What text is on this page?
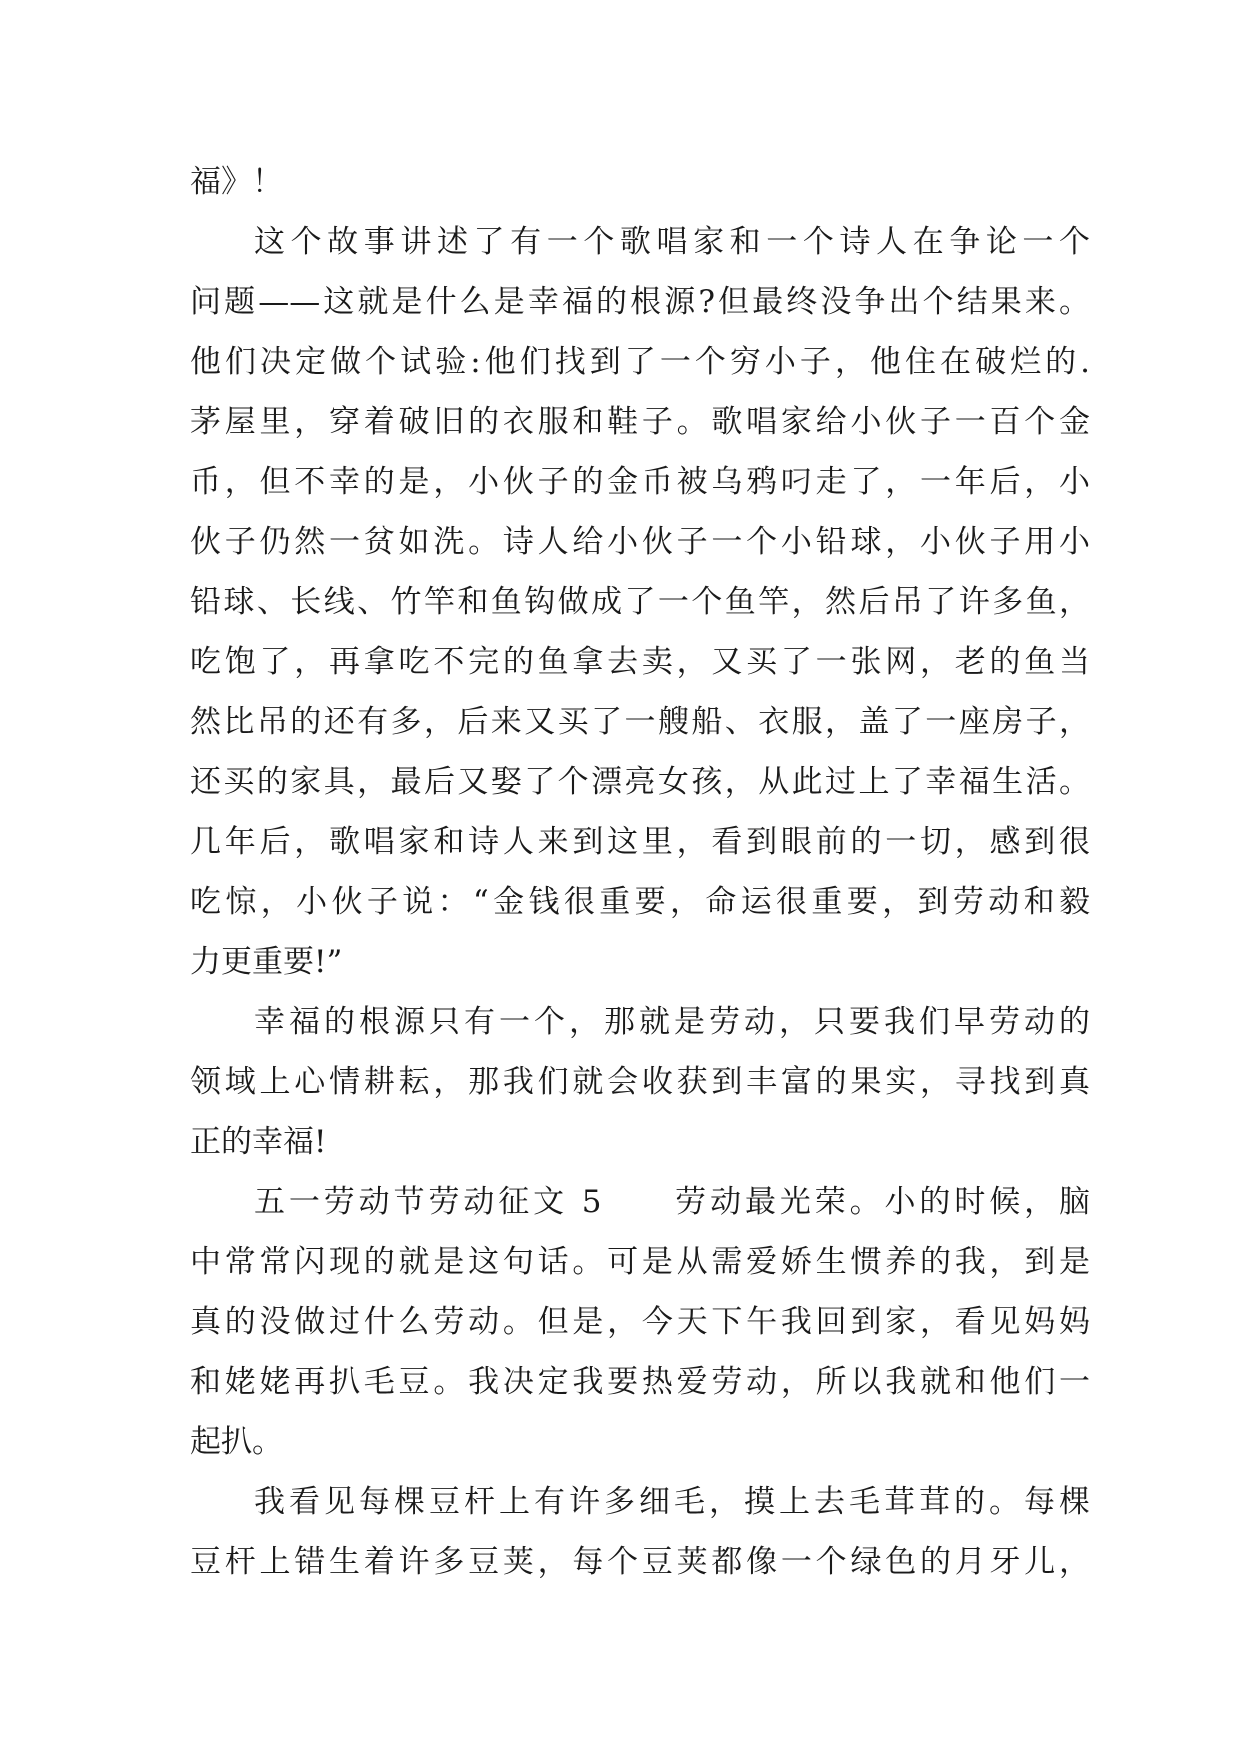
福》！
这个故事讲述了有一个歌唱家和一个诗人在争论一个
问题——这就是什么是幸福的根源?但最终没争出个结果来。
他们决定做个试验:他们找到了一个穷小子，他住在破烂的.
茅屋里，穿着破旧的衣服和鞋子。歌唱家给小伙子一百个金
币，但不幸的是，小伙子的金币被乌鸦叼走了，一年后，小
伙子仍然一贫如洗。诗人给小伙子一个小铅球，小伙子用小
铅球、长线、竹竿和鱼钩做成了一个鱼竿，然后吊了许多鱼，
吃饱了，再拿吃不完的鱼拿去卖，又买了一张网，老的鱼当
然比吊的还有多，后来又买了一艘船、衣服，盖了一座房子，
还买的家具，最后又娶了个漂亮女孩，从此过上了幸福生活。
几年后，歌唱家和诗人来到这里，看到眼前的一切，感到很
吃惊，小伙子说：“金钱很重要，命运很重要，到劳动和毅
力更重要!”
幸福的根源只有一个，那就是劳动，只要我们早劳动的
领域上心情耕耘，那我们就会收获到丰富的果实，寻找到真
正的幸福!
五一劳动节劳动征文 5　　劳动最光荣。小的时候，脑
中常常闪现的就是这句话。可是从需爱娇生惯养的我，到是
真的没做过什么劳动。但是，今天下午我回到家，看见妈妈
和姥姥再扒毛豆。我决定我要热爱劳动，所以我就和他们一
起扒。
我看见每棵豆杆上有许多细毛，摸上去毛茸茸的。每棵
豆杆上错生着许多豆荚，每个豆荚都像一个绿色的月牙儿，
